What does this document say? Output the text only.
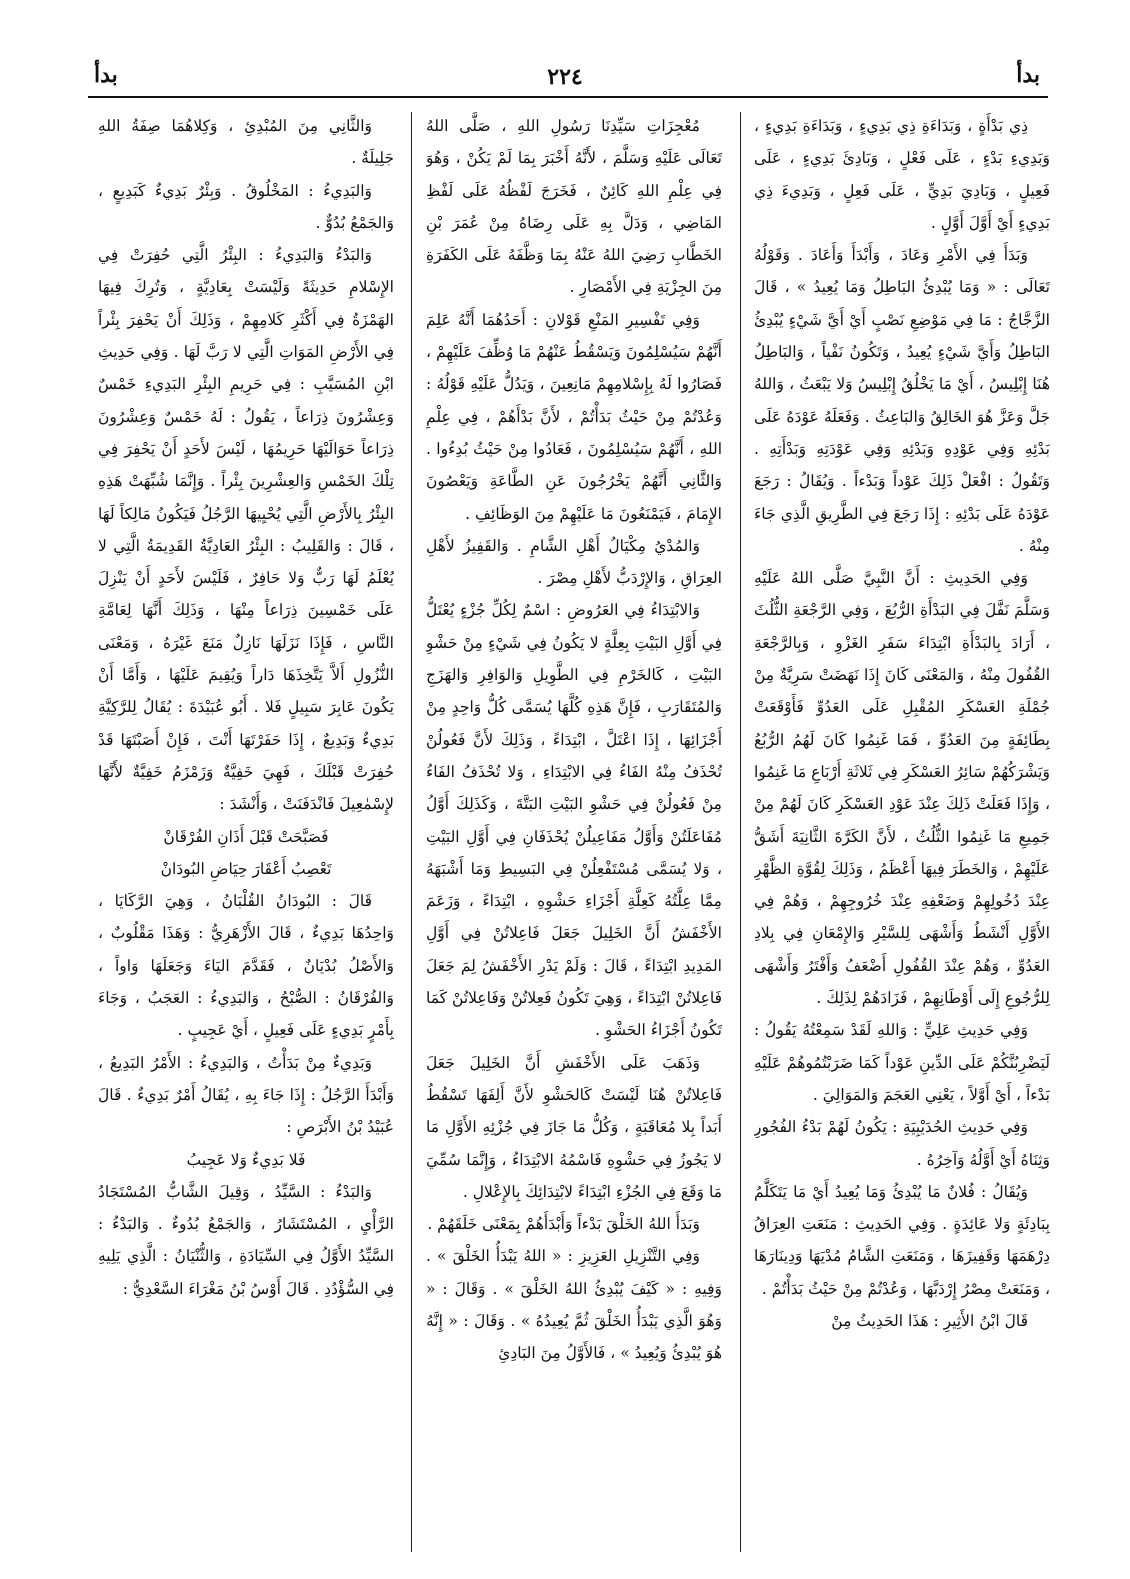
بدأ
٢٢٤
بدأ

ذِي بَدْأَةٍ ، وَبَدَاءَةِ ذِي بَدِيءٍ ، وَبَدَاءَةِ بَدِيءٍ ، وَبَدِيءِ بَدْءٍ ، عَلَى فَعْلٍ ، وَبَادِئَ بَدِيءٍ ، عَلَى فَعِيلٍ ، وَبَادِيَ بَدِيٍّ ، عَلَى فَعِلٍ ، وَبَدِيءَ ذِي بَدِيءٍ أَيْ أَوَّلَ أَوَّلٍ .

وَبَدَأَ فِي الأَمْرِ وَعَادَ ، وَأَبْدَأَ وَأَعَادَ . وَقَوْلُهُ تَعَالَى : « وَمَا يُبْدِئُ البَاطِلُ وَمَا يُعِيدُ » ، قَالَ الزَّجَّاجُ : مَا فِي مَوْضِعِ نَصْبٍ أَيْ أَيَّ شَيْءٍ يُبْدِئُ البَاطِلُ وَأَيَّ شَيْءٍ يُعِيدُ ، وَتَكُونُ نَفْياً ، وَالبَاطِلُ هُنَا إِبْلِيسُ ، أَيْ مَا يَخْلُقُ إِبْلِيسُ وَلا يَبْعَثُ ، وَاللهُ جَلَّ وَعَزَّ هُوَ الخَالِقُ وَالبَاعِثُ . وَفَعَلَهُ عَوْدَهُ عَلَى بَدْئِهِ وَفِي عَوْدِهِ وَبَدْئِهِ وَفِي عَوْدَتِهِ وَبَدْأَتِهِ . وَتَقُولُ : افْعَلْ ذَلِكَ عَوْداً وَبَدْءاً . وَيُقَالُ : رَجَعَ عَوْدَهُ عَلَى بَدْئِهِ : إِذَا رَجَعَ فِي الطَّرِيقِ الَّذِي جَاءَ مِنْهُ .

وَفِي الحَدِيثِ : أَنَّ النَّبِيَّ صَلَّى اللهُ عَلَيْهِ وَسَلَّمَ نَفَّلَ فِي البَدْأَةِ الرُّبُعَ ، وَفِي الرَّجْعَةِ الثُّلُثَ ، أَرَادَ بِالبَدْأَةِ ابْتِدَاءَ سَفَرِ الغَزْوِ ، وَبِالرَّجْعَةِ القُفُولَ مِنْهُ ، وَالمَعْنَى كَانَ إِذَا نَهَضَتْ سَرِيَّةٌ مِنْ جُمْلَةِ العَسْكَرِ المُقْبِلِ عَلَى العَدُوِّ فَأَوْقَعَتْ بِطَائِفَةٍ مِنَ العَدُوِّ ، فَمَا غَنِمُوا كَانَ لَهُمُ الرُّبُعُ وَيَشْرَكُهُمْ سَائِرُ العَسْكَرِ فِي ثَلاثَةِ أَرْبَاعِ مَا غَنِمُوا ، وَإِذَا فَعَلَتْ ذَلِكَ عِنْدَ عَوْدِ العَسْكَرِ كَانَ لَهُمْ مِنْ جَمِيعِ مَا غَنِمُوا الثُّلُثُ ، لأَنَّ الكَرَّةَ الثَّانِيَةَ أَشَقُّ عَلَيْهِمْ ، وَالخَطَرَ فِيهَا أَعْظَمُ ، وَذَلِكَ لِقُوَّةِ الظَّهْرِ عِنْدَ دُخُولِهِمْ وَضَعْفِهِ عِنْدَ خُرُوجِهِمْ ، وَهُمْ فِي الأَوَّلِ أَنْشَطُ وَأَشْهَى لِلسَّيْرِ وَالإِمْعَانِ فِي بِلادِ العَدُوِّ ، وَهُمْ عِنْدَ القُفُولِ أَضْعَفُ وَأَفْتَرُ وَأَشْهَى لِلرُّجُوعِ إِلَى أَوْطَانِهِمْ ، فَزَادَهُمْ لِذَلِكَ .

وَفِي حَدِيثِ عَلِيٍّ : وَاللهِ لَقَدْ سَمِعْتُهُ يَقُولُ : لَيَضْرِبُنَّكُمْ عَلَى الدِّينِ عَوْداً كَمَا ضَرَبْتُمُوهُمْ عَلَيْهِ بَدْءاً ، أَيْ أَوَّلاً ، يَعْنِي العَجَمَ وَالمَوَالِيَ .

وَفِي حَدِيثِ الحُدَيْبِيَةِ : يَكُونُ لَهُمْ بَدْءُ الفُجُورِ وَثِنَاهُ أَيْ أَوَّلُهُ وَآخِرُهُ .

وَيُقَالُ : فُلانٌ مَا يُبْدِئُ وَمَا يُعِيدُ أَيْ مَا يَتَكَلَّمُ بِبَادِئَةٍ وَلا عَائِدَةٍ . وَفِي الحَدِيثِ : مَنَعَتِ العِرَاقُ دِرْهَمَهَا وَقَفِيزَهَا ، وَمَنَعَتِ الشَّامُ مُدْيَهَا وَدِينَارَهَا ، وَمَنَعَتْ مِصْرُ إِرْدَبَّهَا ، وَعُدْتُمْ مِنْ حَيْثُ بَدَأْتُمْ .

قَالَ ابْنُ الأَثِيرِ : هَذَا الحَدِيثُ مِنْ

مُعْجِزَاتِ سَيِّدِنَا رَسُولِ اللهِ ، صَلَّى اللهُ تَعَالَى عَلَيْهِ وَسَلَّمَ ، لأَنَّهُ أَخْبَرَ بِمَا لَمْ يَكُنْ ، وَهُوَ فِي عِلْمِ اللهِ كَائِنٌ ، فَخَرَجَ لَفْظُهُ عَلَى لَفْظِ المَاضِي ، وَدَلَّ بِهِ عَلَى رِضَاهُ مِنْ عُمَرَ بْنِ الخَطَّابِ رَضِيَ اللهُ عَنْهُ بِمَا وَظَّفَهُ عَلَى الكَفَرَةِ مِنَ الجِزْيَةِ فِي الأَمْصَارِ .

وَفِي تَفْسِيرِ المَنْعِ قَوْلانِ : أَحَدُهُمَا أَنَّهُ عَلِمَ أَنَّهُمْ سَيُسْلِمُونَ وَيَسْقُطُ عَنْهُمْ مَا وُظِّفَ عَلَيْهِمْ ، فَصَارُوا لَهُ بِإِسْلامِهِمْ مَانِعِينَ ، وَيَدُلُّ عَلَيْهِ قَوْلُهُ : وَعُدْتُمْ مِنْ حَيْثُ بَدَأْتُمْ ، لأَنَّ بَدْأَهُمْ ، فِي عِلْمِ اللهِ ، أَنَّهُمْ سَيُسْلِمُونَ ، فَعَادُوا مِنْ حَيْثُ بُدِءُوا . وَالثَّانِي أَنَّهُمْ يَخْرُجُونَ عَنِ الطَّاعَةِ وَيَعْصُونَ الإِمَامَ ، فَيَمْنَعُونَ مَا عَلَيْهِمْ مِنَ الوَظَائِفِ .

وَالمُدْيُ مِكْيَالُ أَهْلِ الشَّامِ . وَالقَفِيزُ لأَهْلِ العِرَاقِ ، وَالإِرْدَبُّ لأَهْلِ مِصْرَ .

وَالابْتِدَاءُ فِي العَرُوضِ : اسْمٌ لِكُلِّ جُزْءٍ يُعْتَلُّ فِي أَوَّلِ البَيْتِ بِعِلَّةٍ لا يَكُونُ فِي شَيْءٍ مِنْ حَشْوِ البَيْتِ ، كَالخَرْمِ فِي الطَّوِيلِ وَالوَافِرِ وَالهَزَجِ وَالمُتَقَارَبِ ، فَإِنَّ هَذِهِ كُلَّهَا يُسَمَّى كُلُّ وَاحِدٍ مِنْ أَجْزَائِهَا ، إِذَا اعْتَلَّ ، ابْتِدَاءً ، وَذَلِكَ لأَنَّ فَعُولُنْ تُحْذَفُ مِنْهُ الفَاءُ فِي الابْتِدَاءِ ، وَلا تُحْذَفُ الفَاءُ مِنْ فَعُولُنْ فِي حَشْوِ البَيْتِ البَتَّةَ ، وَكَذَلِكَ أَوَّلُ مُفَاعَلَتُنْ وَأَوَّلُ مَفَاعِيلُنْ يُحْذَفَانِ فِي أَوَّلِ البَيْتِ ، وَلا يُسَمَّى مُسْتَفْعِلُنْ فِي البَسِيطِ وَمَا أَشْبَهَهُ مِمَّا عِلَّتُهُ كَعِلَّةِ أَجْزَاءِ حَشْوِهِ ، ابْتِدَاءً ، وَزَعَمَ الأَخْفَشُ أَنَّ الخَلِيلَ جَعَلَ فَاعِلاتُنْ فِي أَوَّلِ المَدِيدِ ابْتِدَاءً ، قَالَ : وَلَمْ يَدْرِ الأَخْفَشُ لِمَ جَعَلَ فَاعِلاتُنْ ابْتِدَاءً ، وَهِيَ تَكُونُ فَعِلاتُنْ وَفَاعِلاتُنْ كَمَا تَكُونُ أَجْزَاءُ الحَشْوِ .

وَذَهَبَ عَلَى الأَخْفَشِ أَنَّ الخَلِيلَ جَعَلَ فَاعِلاتُنْ هُنَا لَيْسَتْ كَالحَشْوِ لأَنَّ أَلِفَهَا تَسْقُطُ أَبَداً بِلا مُعَاقَبَةٍ ، وَكُلُّ مَا جَازَ فِي جُزْئِهِ الأَوَّلِ مَا لا يَجُوزُ فِي حَشْوِهِ فَاسْمُهُ الابْتِدَاءُ ، وَإِنَّمَا سُمِّيَ مَا وَقَعَ فِي الجُزْءِ ابْتِدَاءً لابْتِدَائِكَ بِالإِعْلالِ .

وَبَدَأَ اللهُ الخَلْقَ بَدْءاً وَأَبْدَأَهُمْ بِمَعْنَى خَلَقَهُمْ .

وَفِي التَّنْزِيلِ العَزِيزِ : « اللهُ يَبْدَأُ الخَلْقَ » . وَفِيهِ : « كَيْفَ يُبْدِئُ اللهُ الخَلْقَ » . وَقَالَ : « وَهُوَ الَّذِي يَبْدَأُ الخَلْقَ ثُمَّ يُعِيدُهُ » . وَقَالَ : « إِنَّهُ هُوَ يُبْدِئُ وَيُعِيدُ » ، فَالأَوَّلُ مِنَ البَادِئِ

وَالثَّانِي مِنَ المُبْدِئِ ، وَكِلاهُمَا صِفَةُ اللهِ جَلِيلَةٌ .

وَالبَدِيءُ : المَخْلُوقُ . وَبِئْرٌ بَدِيءٌ كَبَدِيعٍ ، وَالجَمْعُ بُدُوٌّ .

وَالبَدْءُ وَالبَدِيءُ : البِئْرُ الَّتِي حُفِرَتْ فِي الإِسْلامِ حَدِيثَةً وَلَيْسَتْ بِعَادِيَّةٍ ، وَتُرِكَ فِيهَا الهَمْزَةُ فِي أَكْثَرِ كَلامِهِمْ ، وَذَلِكَ أَنْ يَحْفِرَ بِئْراً فِي الأَرْضِ المَوَاتِ الَّتِي لا رَبَّ لَهَا . وَفِي حَدِيثِ ابْنِ المُسَيَّبِ : فِي حَرِيمِ البِئْرِ البَدِيءِ خَمْسٌ وَعِشْرُونَ ذِرَاعاً ، يَقُولُ : لَهُ خَمْسٌ وَعِشْرُونَ ذِرَاعاً حَوَالَيْهَا حَرِيمُهَا ، لَيْسَ لأَحَدٍ أَنْ يَحْفِرَ فِي تِلْكَ الخَمْسِ وَالعِشْرِينَ بِئْراً . وَإِنَّمَا شُبِّهَتْ هَذِهِ البِئْرُ بِالأَرْضِ الَّتِي يُحْيِيهَا الرَّجُلُ فَيَكُونُ مَالِكاً لَهَا ، قَالَ : وَالقَلِيبُ : البِئْرُ العَادِيَّةُ القَدِيمَةُ الَّتِي لا يُعْلَمُ لَهَا رَبٌّ وَلا حَافِرٌ ، فَلَيْسَ لأَحَدٍ أَنْ يَنْزِلَ عَلَى خَمْسِينَ ذِرَاعاً مِنْهَا ، وَذَلِكَ أَنَّهَا لِعَامَّةِ النَّاسِ ، فَإِذَا نَزَلَهَا نَازِلٌ مَنَعَ غَيْرَهُ ، وَمَعْنَى النُّزُولِ أَلاَّ يَتَّخِذَهَا دَاراً وَيُقِيمَ عَلَيْهَا ، وَأَمَّا أَنْ يَكُونَ عَابِرَ سَبِيلٍ فَلا . أَبُو عُبَيْدَةَ : يُقَالُ لِلرَّكِيَّةِ بَدِيءٌ وَبَدِيعٌ ، إِذَا حَفَرْتَهَا أَنْتَ ، فَإِنْ أَصَبْتَهَا قَدْ حُفِرَتْ قَبْلَكَ ، فَهِيَ خَفِيَّةٌ وَزَمْزَمُ خَفِيَّةٌ لأَنَّهَا لإِسْمٰعِيلَ فَانْدَفَنَتْ ، وَأَنْشَدَ :

فَصَبَّحَتْ قَبْلَ أَذَانِ الفُرْقَانْ

تَعْصِبُ أَعْقَارَ حِيَاضِ البُودَانْ

قَالَ : البُودَانُ القُلْبَانُ ، وَهِيَ الرَّكَايَا ، وَاحِدُهَا بَدِيءٌ ، قَالَ الأَزْهَرِيُّ : وَهَذَا مَقْلُوبٌ ، وَالأَصْلُ بُدْيَانٌ ، فَقَدَّمَ اليَاءَ وَجَعَلَهَا وَاواً ، وَالفُرْقَانُ : الصُّبْحُ ، وَالبَدِيءُ : العَجَبُ ، وَجَاءَ بِأَمْرٍ بَدِيءٍ عَلَى فَعِيلٍ ، أَيْ عَجِيبٍ .

وَبَدِيءٌ مِنْ بَدَأْتُ ، وَالبَدِيءُ : الأَمْرُ البَدِيعُ ، وَأَبْدَأَ الرَّجُلُ : إِذَا جَاءَ بِهِ ، يُقَالُ أَمْرٌ بَدِيءٌ . قَالَ عُبَيْدُ بْنُ الأَبْرَصِ :

فَلا بَدِيءٌ وَلا عَجِيبُ

وَالبَدْءُ : السَّيِّدُ ، وَقِيلَ الشَّابُّ المُسْتَجَادُ الرَّأْيِ ، المُسْتَشَارُ ، وَالجَمْعُ بُدُوءٌ . وَالبَدْءُ : السَّيِّدُ الأَوَّلُ فِي السِّيَادَةِ ، وَالثُّنْيَانُ : الَّذِي يَلِيهِ فِي السُّؤْدُدِ . قَالَ أَوْسُ بْنُ مَغْرَاءَ السَّعْدِيُّ :
